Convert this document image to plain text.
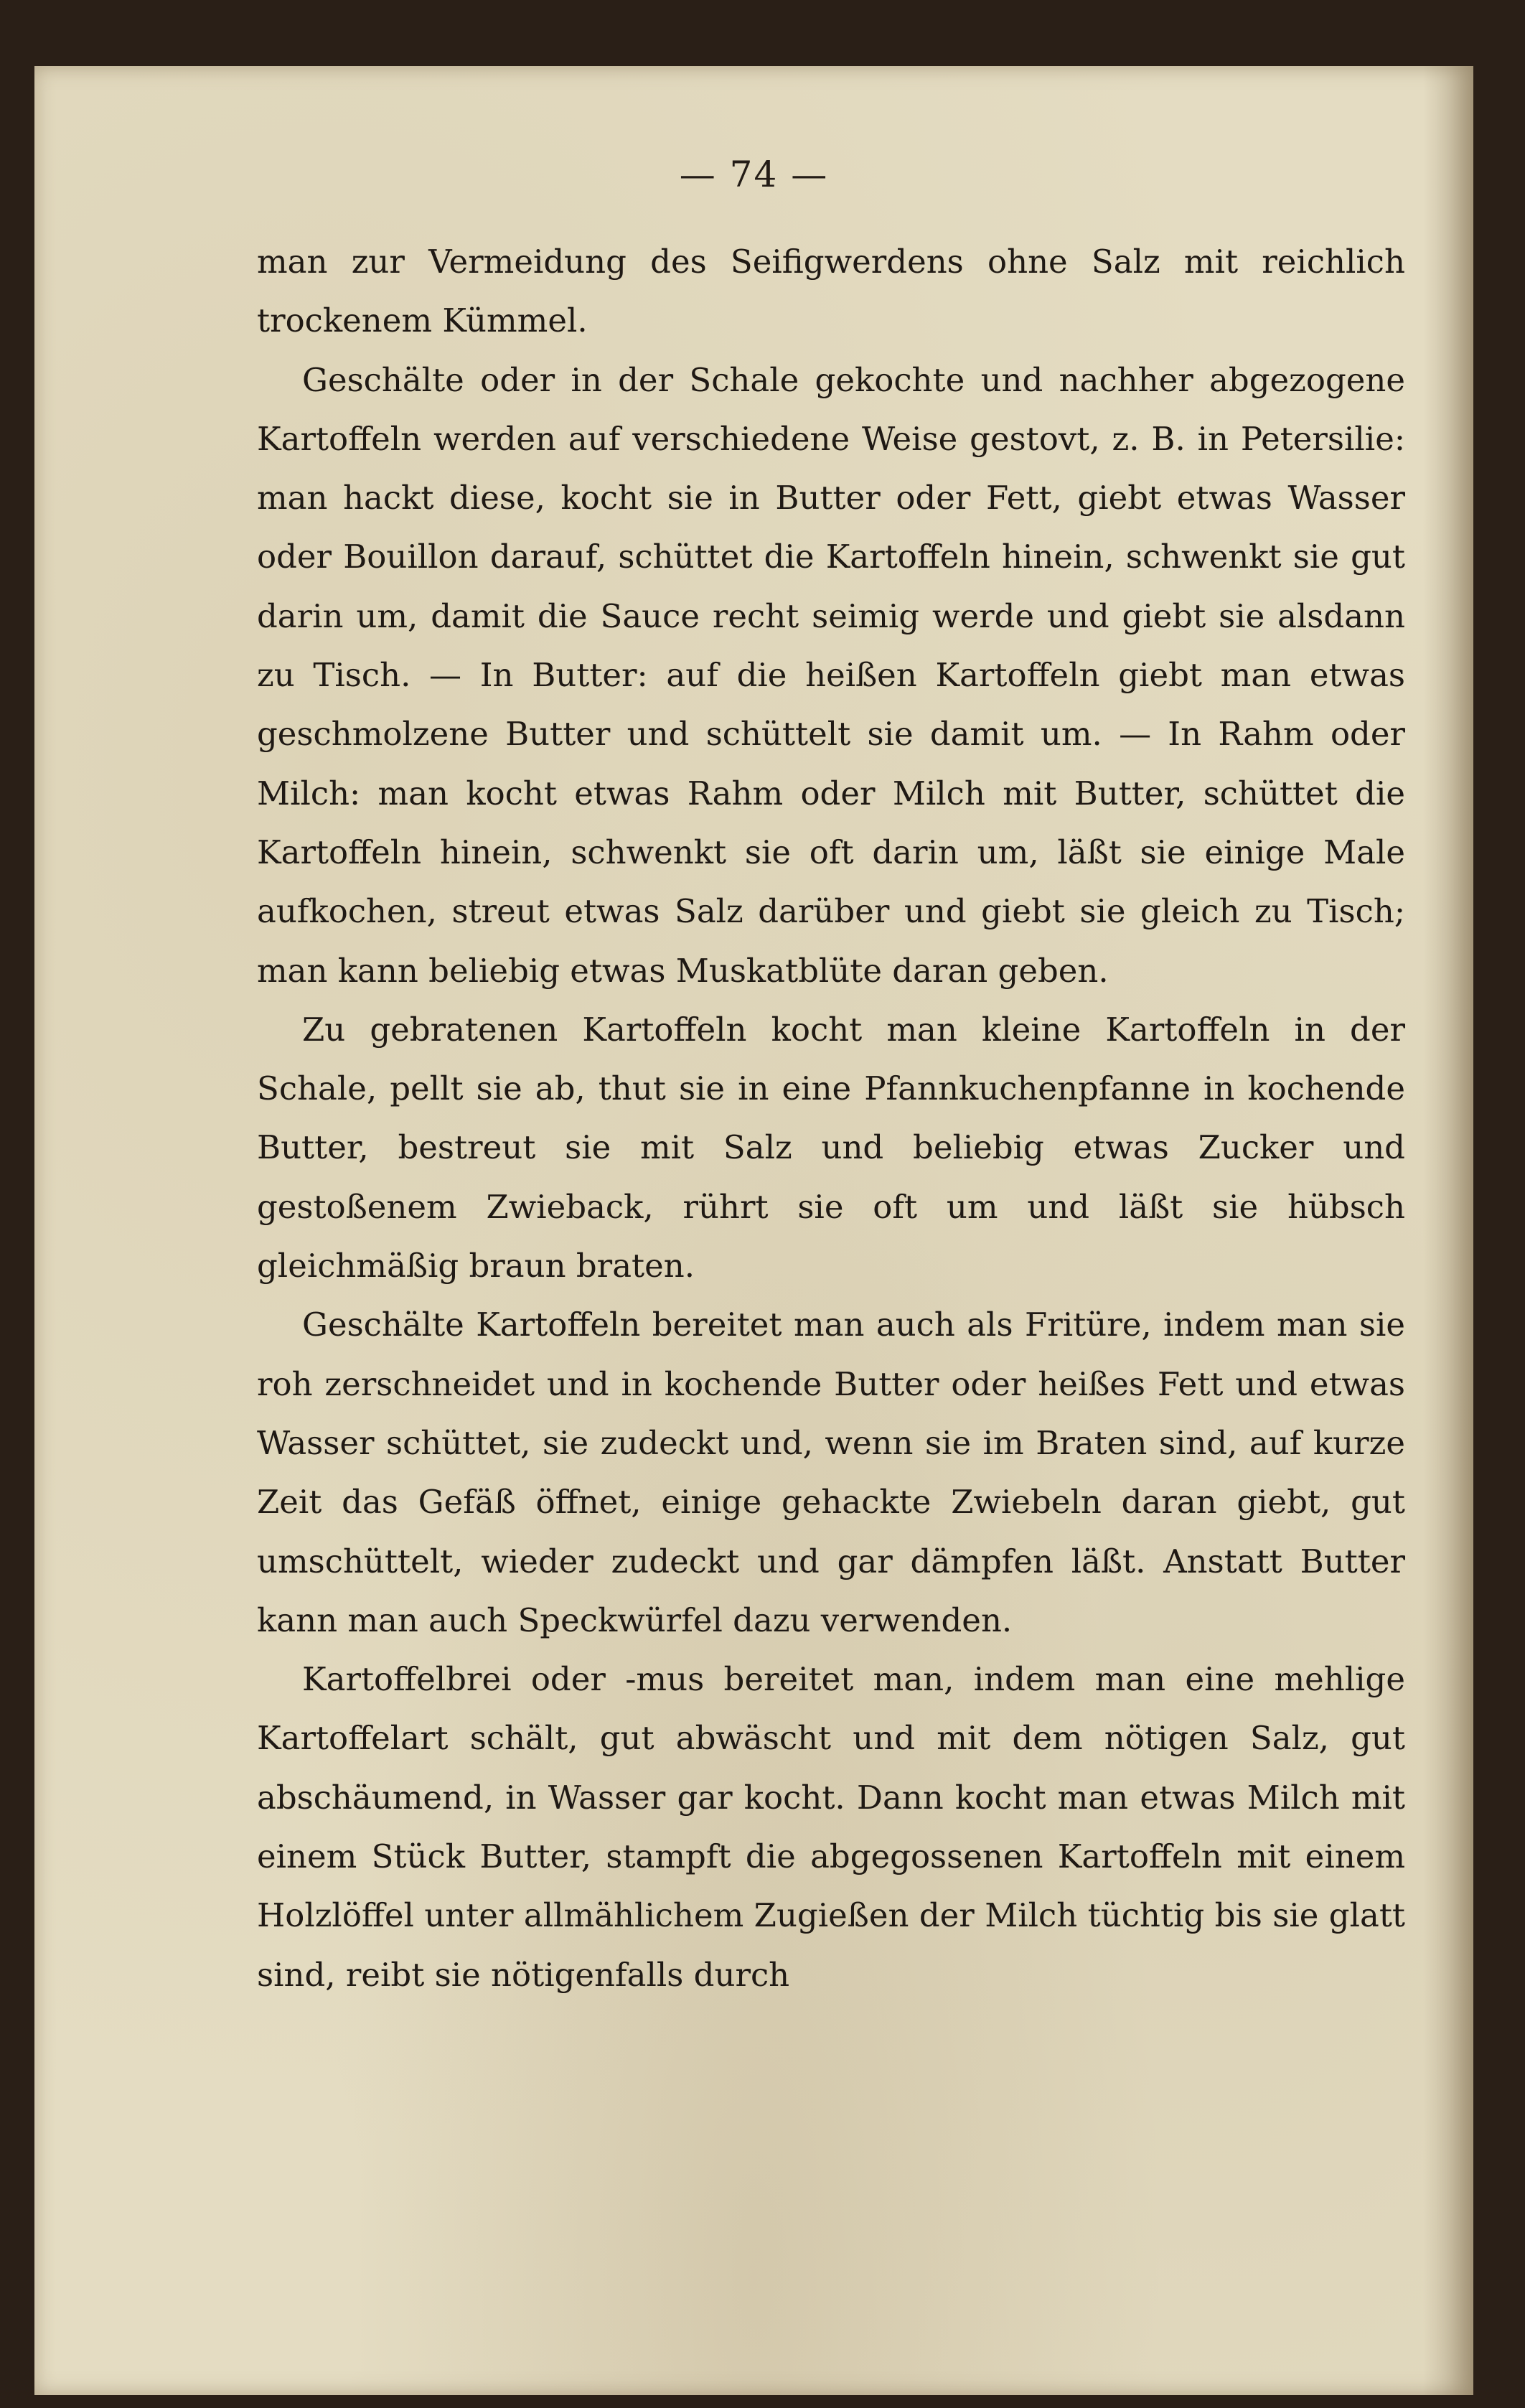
— 74 —

man zur Vermeidung des Seifigwerdens ohne Salz mit reichlich trockenem Kümmel.

Geschälte oder in der Schale gekochte und nachher abgezogene Kartoffeln werden auf verschiedene Weise gestovt, z. B. in Petersilie: man hackt diese, kocht sie in Butter oder Fett, giebt etwas Wasser oder Bouillon darauf, schüttet die Kartoffeln hinein, schwenkt sie gut darin um, damit die Sauce recht seimig werde und giebt sie alsdann zu Tisch. — In Butter: auf die heißen Kartoffeln giebt man etwas geschmolzene Butter und schüttelt sie damit um. — In Rahm oder Milch: man kocht etwas Rahm oder Milch mit Butter, schüttet die Kartoffeln hinein, schwenkt sie oft darin um, läßt sie einige Male aufkochen, streut etwas Salz darüber und giebt sie gleich zu Tisch; man kann beliebig etwas Muskatblüte daran geben.

Zu gebratenen Kartoffeln kocht man kleine Kartoffeln in der Schale, pellt sie ab, thut sie in eine Pfannkuchenpfanne in kochende Butter, bestreut sie mit Salz und beliebig etwas Zucker und gestoßenem Zwieback, rührt sie oft um und läßt sie hübsch gleichmäßig braun braten.

Geschälte Kartoffeln bereitet man auch als Fritüre, indem man sie roh zerschneidet und in kochende Butter oder heißes Fett und etwas Wasser schüttet, sie zudeckt und, wenn sie im Braten sind, auf kurze Zeit das Gefäß öffnet, einige gehackte Zwiebeln daran giebt, gut umschüttelt, wieder zudeckt und gar dämpfen läßt. Anstatt Butter kann man auch Speckwürfel dazu verwenden.

Kartoffelbrei oder -mus bereitet man, indem man eine mehlige Kartoffelart schält, gut abwäscht und mit dem nötigen Salz, gut abschäumend, in Wasser gar kocht. Dann kocht man etwas Milch mit einem Stück Butter, stampft die abgegossenen Kartoffeln mit einem Holzlöffel unter allmählichem Zugießen der Milch tüchtig bis sie glatt sind, reibt sie nötigenfalls durch
